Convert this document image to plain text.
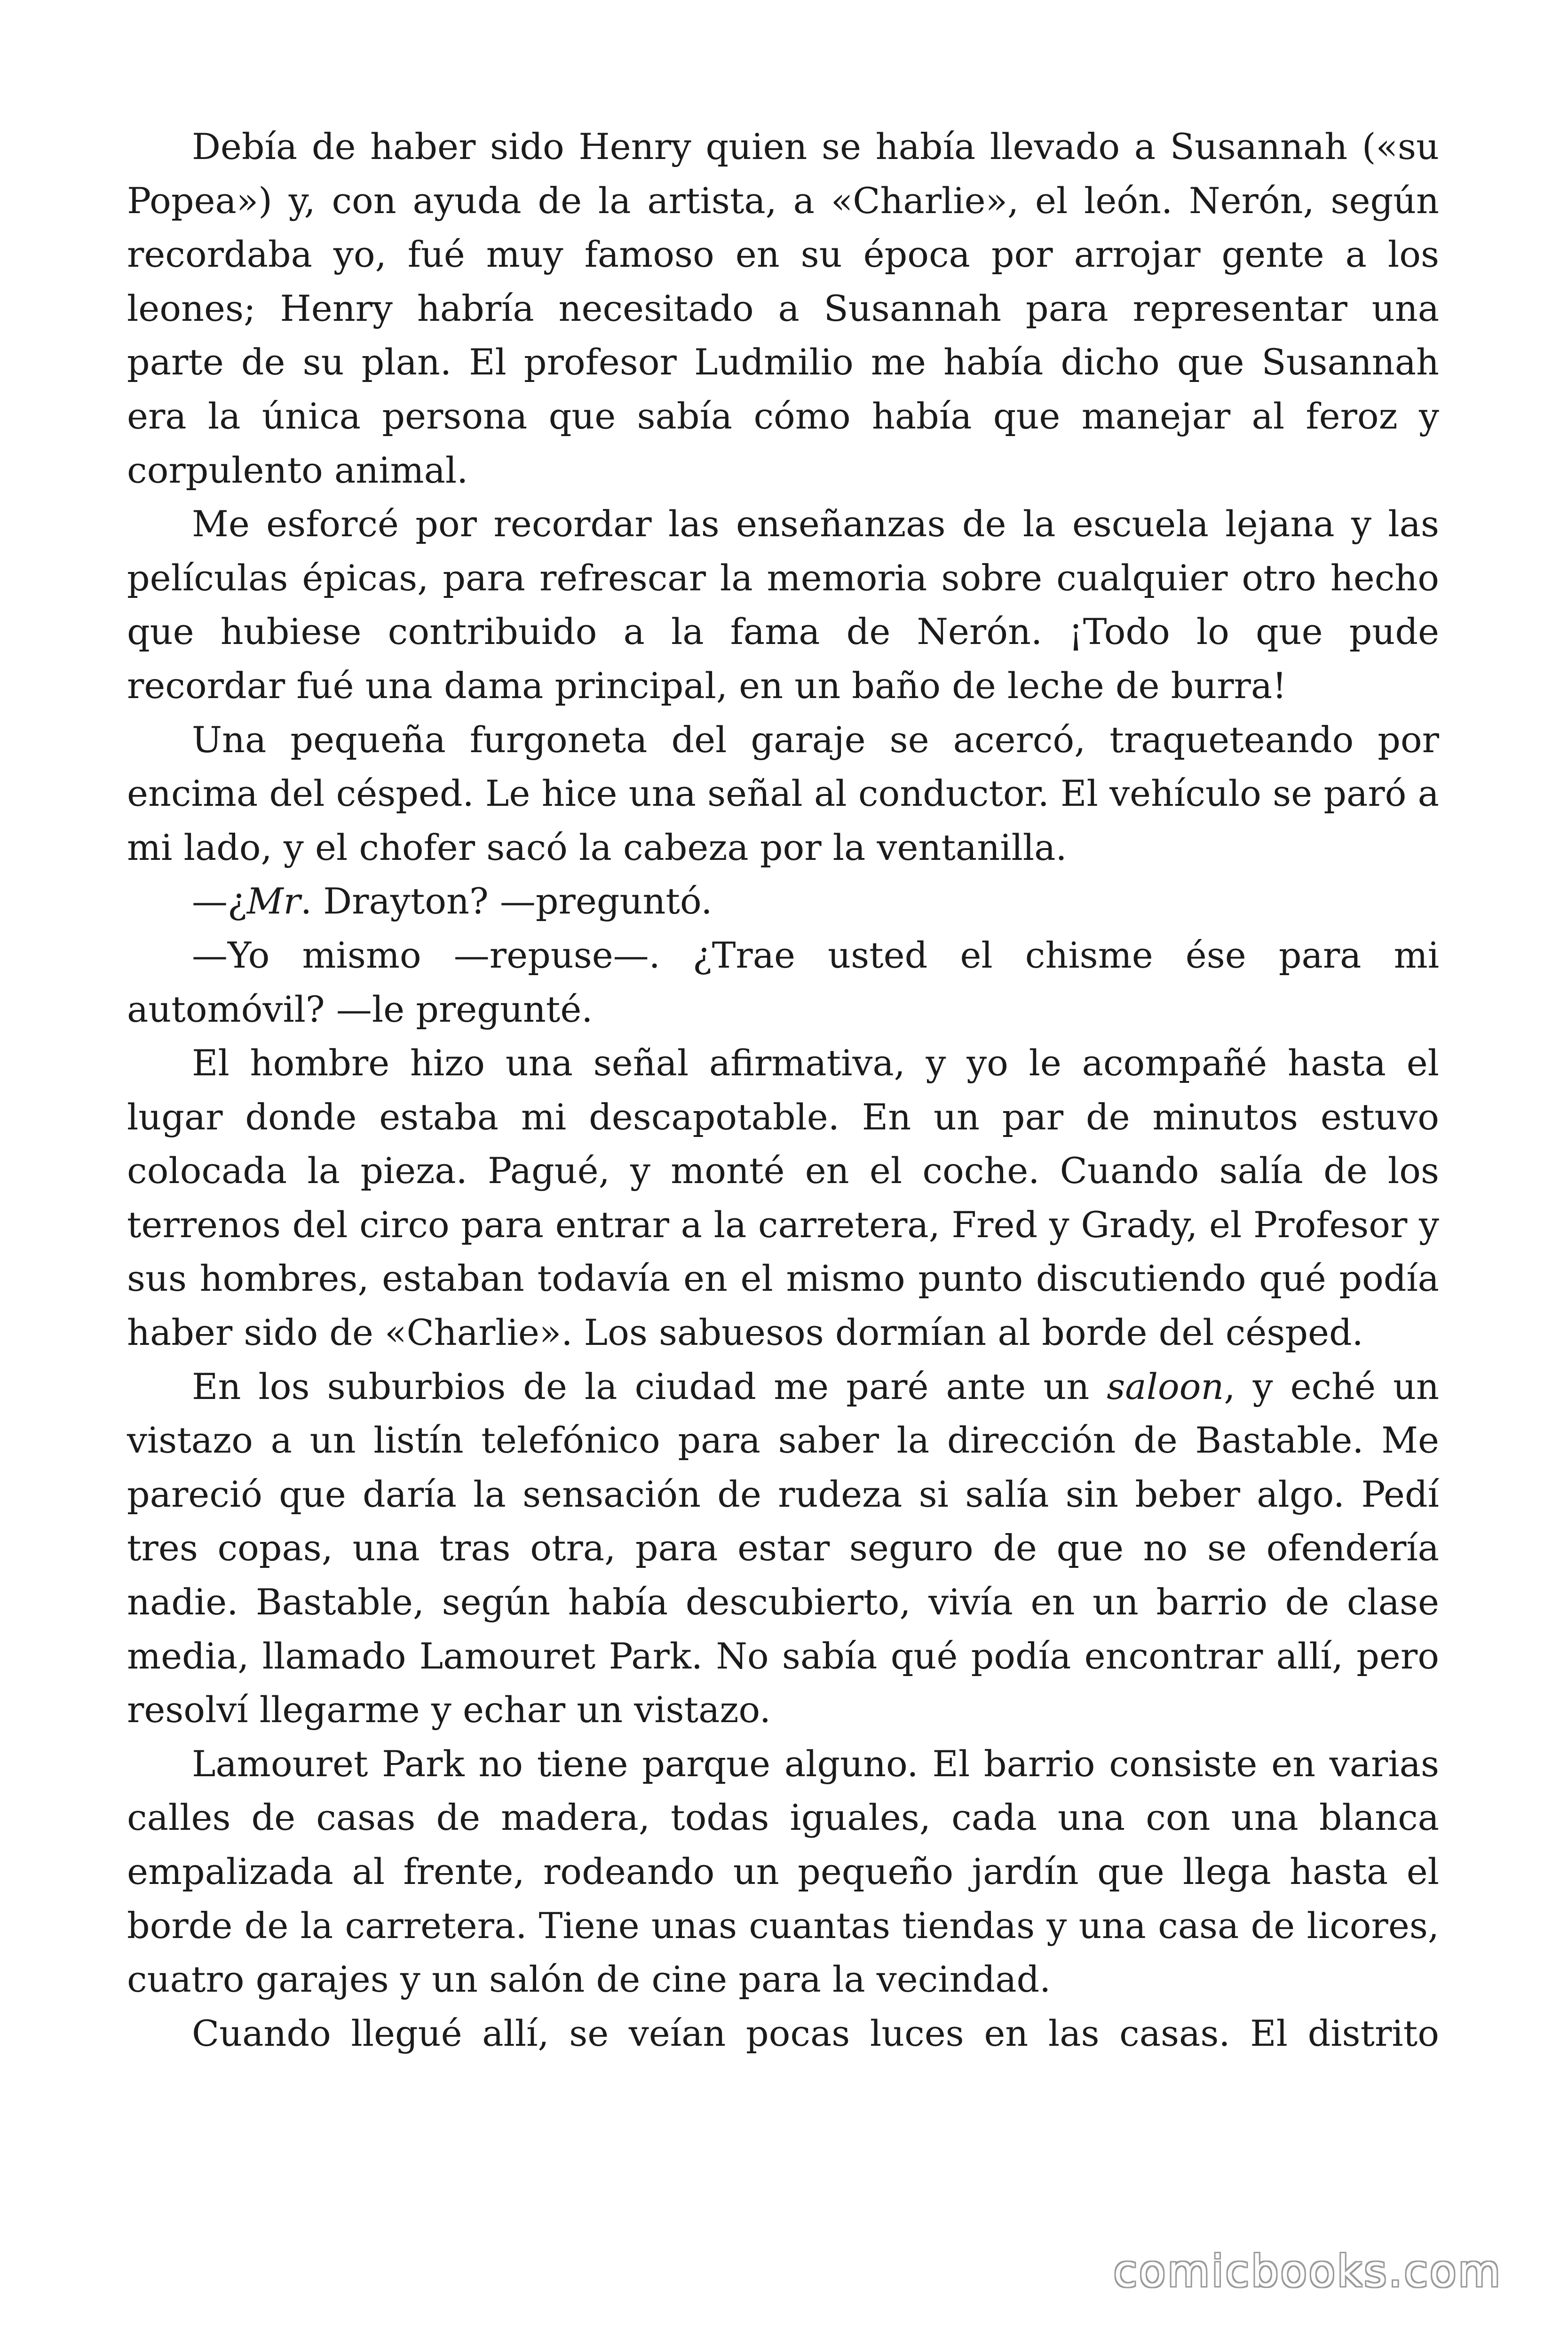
Debía de haber sido Henry quien se había llevado a Susannah («su Popea») y, con ayuda de la artista, a «Charlie», el león. Nerón, según recordaba yo, fué muy famoso en su época por arrojar gente a los leones; Henry habría necesitado a Susannah para representar una parte de su plan. El profesor Ludmilio me había dicho que Susannah era la única persona que sabía cómo había que manejar al feroz y corpulento animal.

Me esforcé por recordar las enseñanzas de la escuela lejana y las películas épicas, para refrescar la memoria sobre cualquier otro hecho que hubiese contribuido a la fama de Nerón. ¡Todo lo que pude recordar fué una dama principal, en un baño de leche de burra!

Una pequeña furgoneta del garaje se acercó, traqueteando por encima del césped. Le hice una señal al conductor. El vehículo se paró a mi lado, y el chofer sacó la cabeza por la ventanilla.

—¿Mr. Drayton? —preguntó.

—Yo mismo —repuse—. ¿Trae usted el chisme ése para mi automóvil? —le pregunté.

El hombre hizo una señal afirmativa, y yo le acompañé hasta el lugar donde estaba mi descapotable. En un par de minutos estuvo colocada la pieza. Pagué, y monté en el coche. Cuando salía de los terrenos del circo para entrar a la carretera, Fred y Grady, el Profesor y sus hombres, estaban todavía en el mismo punto discutiendo qué podía haber sido de «Charlie». Los sabuesos dormían al borde del césped.

En los suburbios de la ciudad me paré ante un saloon, y eché un vistazo a un listín telefónico para saber la dirección de Bastable. Me pareció que daría la sensación de rudeza si salía sin beber algo. Pedí tres copas, una tras otra, para estar seguro de que no se ofendería nadie. Bastable, según había descubierto, vivía en un barrio de clase media, llamado Lamouret Park. No sabía qué podía encontrar allí, pero resolví llegarme y echar un vistazo.

Lamouret Park no tiene parque alguno. El barrio consiste en varias calles de casas de madera, todas iguales, cada una con una blanca empalizada al frente, rodeando un pequeño jardín que llega hasta el borde de la carretera. Tiene unas cuantas tiendas y una casa de licores, cuatro garajes y un salón de cine para la vecindad.

Cuando llegué allí, se veían pocas luces en las casas. El distrito

comicbooks.com
